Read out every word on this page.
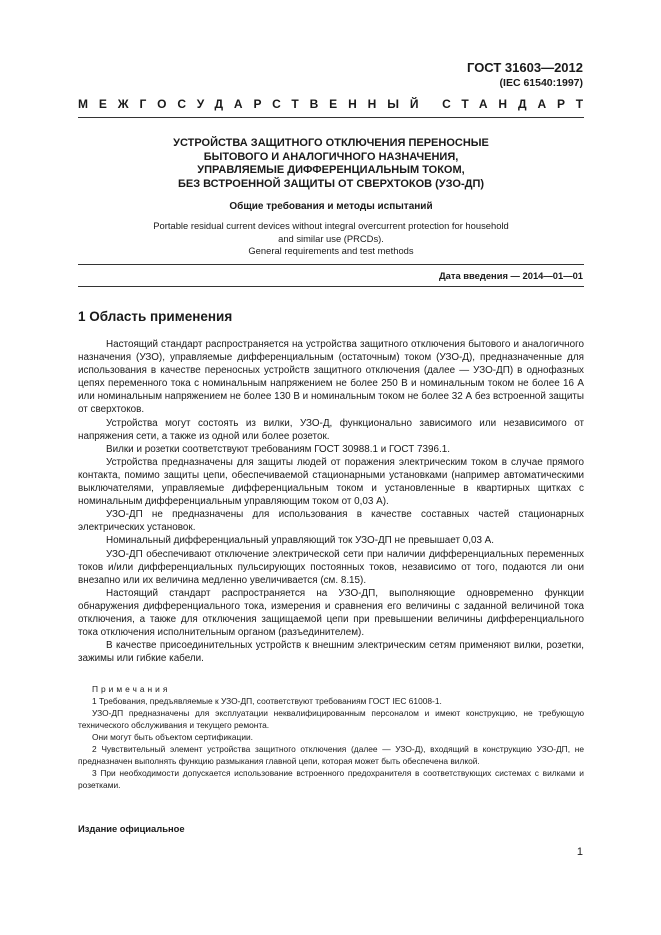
ГОСТ 31603—2012
(IEC 61540:1997)
МЕЖГОСУДАРСТВЕННЫЙ СТАНДАРТ
УСТРОЙСТВА ЗАЩИТНОГО ОТКЛЮЧЕНИЯ ПЕРЕНОСНЫЕ
БЫТОВОГО И АНАЛОГИЧНОГО НАЗНАЧЕНИЯ,
УПРАВЛЯЕМЫЕ ДИФФЕРЕНЦИАЛЬНЫМ ТОКОМ,
БЕЗ ВСТРОЕННОЙ ЗАЩИТЫ ОТ СВЕРХТОКОВ (УЗО-ДП)
Общие требования и методы испытаний
Portable residual current devices without integral overcurrent protection for household
and similar use (PRCDs).
General requirements and test methods
Дата введения — 2014—01—01
1 Область применения

Настоящий стандарт распространяется на устройства защитного отключения бытового и аналогичного назначения (УЗО), управляемые дифференциальным (остаточным) током (УЗО-Д), предназначенные для использования в качестве переносных устройств защитного отключения (далее — УЗО-ДП) в однофазных цепях переменного тока с номинальным напряжением не более 250 В и номинальным током не более 16 А или номинальным напряжением не более 130 В и номинальным током не более 32 А без встроенной защиты от сверхтоков.

Устройства могут состоять из вилки, УЗО-Д, функционально зависимого или независимого от напряжения сети, а также из одной или более розеток.

Вилки и розетки соответствуют требованиям ГОСТ 30988.1 и ГОСТ 7396.1.

Устройства предназначены для защиты людей от поражения электрическим током в случае прямого контакта, помимо защиты цепи, обеспечиваемой стационарными установками (например автоматическими выключателями, управляемые дифференциальным током и установленные в квартирных щитках с номинальным дифференциальным управляющим током от 0,03 А).

УЗО-ДП не предназначены для использования в качестве составных частей стационарных электрических установок.

Номинальный дифференциальный управляющий ток УЗО-ДП не превышает 0,03 А.

УЗО-ДП обеспечивают отключение электрической сети при наличии дифференциальных переменных токов и/или дифференциальных пульсирующих постоянных токов, независимо от того, подаются ли они внезапно или их величина медленно увеличивается (см. 8.15).

Настоящий стандарт распространяется на УЗО-ДП, выполняющие одновременно функции обнаружения дифференциального тока, измерения и сравнения его величины с заданной величиной тока отключения, а также для отключения защищаемой цепи при превышении величины дифференциального тока отключения исполнительным органом (разъединителем).

В качестве присоединительных устройств к внешним электрическим сетям применяют вилки, розетки, зажимы или гибкие кабели.

Примечания

1 Требования, предъявляемые к УЗО-ДП, соответствуют требованиям ГОСТ IEC 61008-1.

УЗО-ДП предназначены для эксплуатации неквалифицированным персоналом и имеют конструкцию, не требующую технического обслуживания и текущего ремонта.

Они могут быть объектом сертификации.

2 Чувствительный элемент устройства защитного отключения (далее — УЗО-Д), входящий в конструкцию УЗО-ДП, не предназначен выполнять функцию размыкания главной цепи, которая может быть обеспечена вилкой.

3 При необходимости допускается использование встроенного предохранителя в соответствующих системах с вилками и розетками.

Издание официальное
1
